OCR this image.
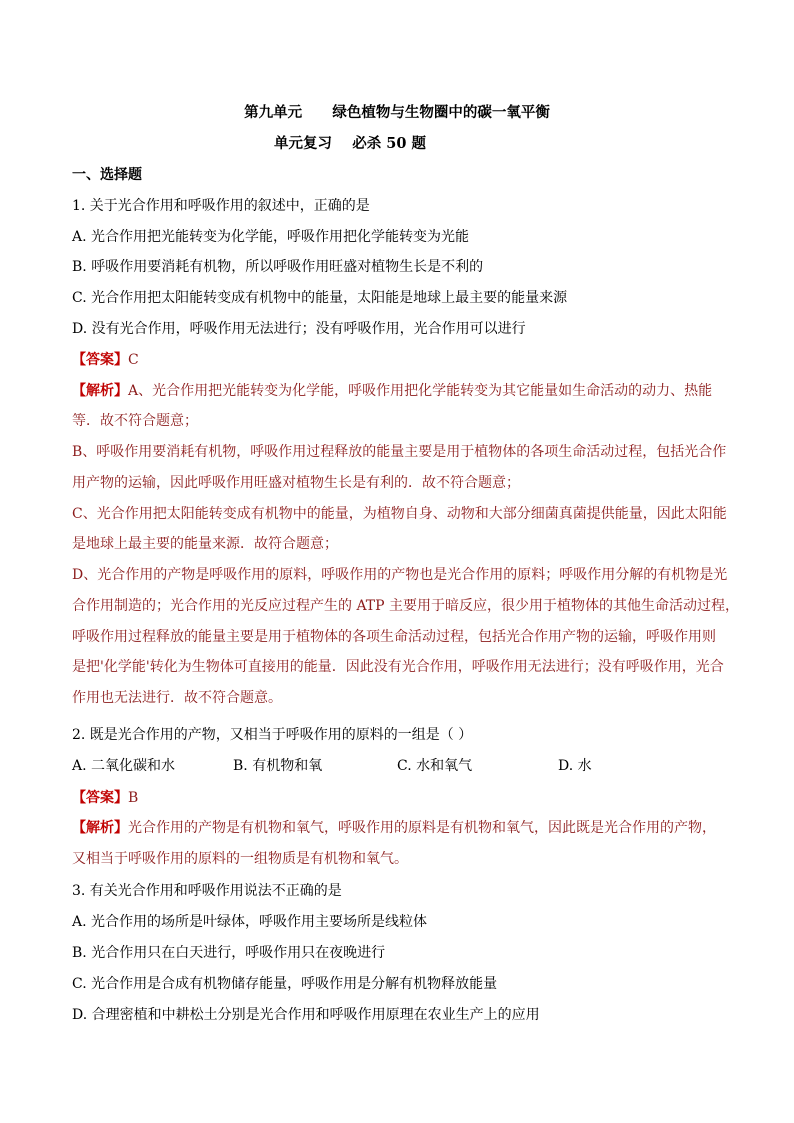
第九单元      绿色植物与生物圈中的碳一氧平衡
单元复习    必杀 50 题
一、选择题
1. 关于光合作用和呼吸作用的叙述中，正确的是
A. 光合作用把光能转变为化学能，呼吸作用把化学能转变为光能
B. 呼吸作用要消耗有机物，所以呼吸作用旺盛对植物生长是不利的
C. 光合作用把太阳能转变成有机物中的能量，太阳能是地球上最主要的能量来源
D. 没有光合作用，呼吸作用无法进行；没有呼吸作用，光合作用可以进行
【答案】C
【解析】A、光合作用把光能转变为化学能，呼吸作用把化学能转变为其它能量如生命活动的动力、热能
等．故不符合题意；
B、呼吸作用要消耗有机物，呼吸作用过程释放的能量主要是用于植物体的各项生命活动过程，包括光合作
用产物的运输，因此呼吸作用旺盛对植物生长是有利的．故不符合题意；
C、光合作用把太阳能转变成有机物中的能量，为植物自身、动物和大部分细菌真菌提供能量，因此太阳能
是地球上最主要的能量来源．故符合题意；
D、光合作用的产物是呼吸作用的原料，呼吸作用的产物也是光合作用的原料；呼吸作用分解的有机物是光
合作用制造的；光合作用的光反应过程产生的 ATP 主要用于暗反应，很少用于植物体的其他生命活动过程，
呼吸作用过程释放的能量主要是用于植物体的各项生命活动过程，包括光合作用产物的运输，呼吸作用则
是把'化学能'转化为生物体可直接用的能量．因此没有光合作用，呼吸作用无法进行；没有呼吸作用，光合
作用也无法进行．故不符合题意。
2. 既是光合作用的产物，又相当于呼吸作用的原料的一组是（ ）
A. 二氧化碳和水	B. 有机物和氧	C. 水和氧气	D. 水
【答案】B
【解析】光合作用的产物是有机物和氧气，呼吸作用的原料是有机物和氧气，因此既是光合作用的产物，
又相当于呼吸作用的原料的一组物质是有机物和氧气。
3. 有关光合作用和呼吸作用说法不正确的是
A. 光合作用的场所是叶绿体，呼吸作用主要场所是线粒体
B. 光合作用只在白天进行，呼吸作用只在夜晚进行
C. 光合作用是合成有机物储存能量，呼吸作用是分解有机物释放能量
D. 合理密植和中耕松土分别是光合作用和呼吸作用原理在农业生产上的应用
